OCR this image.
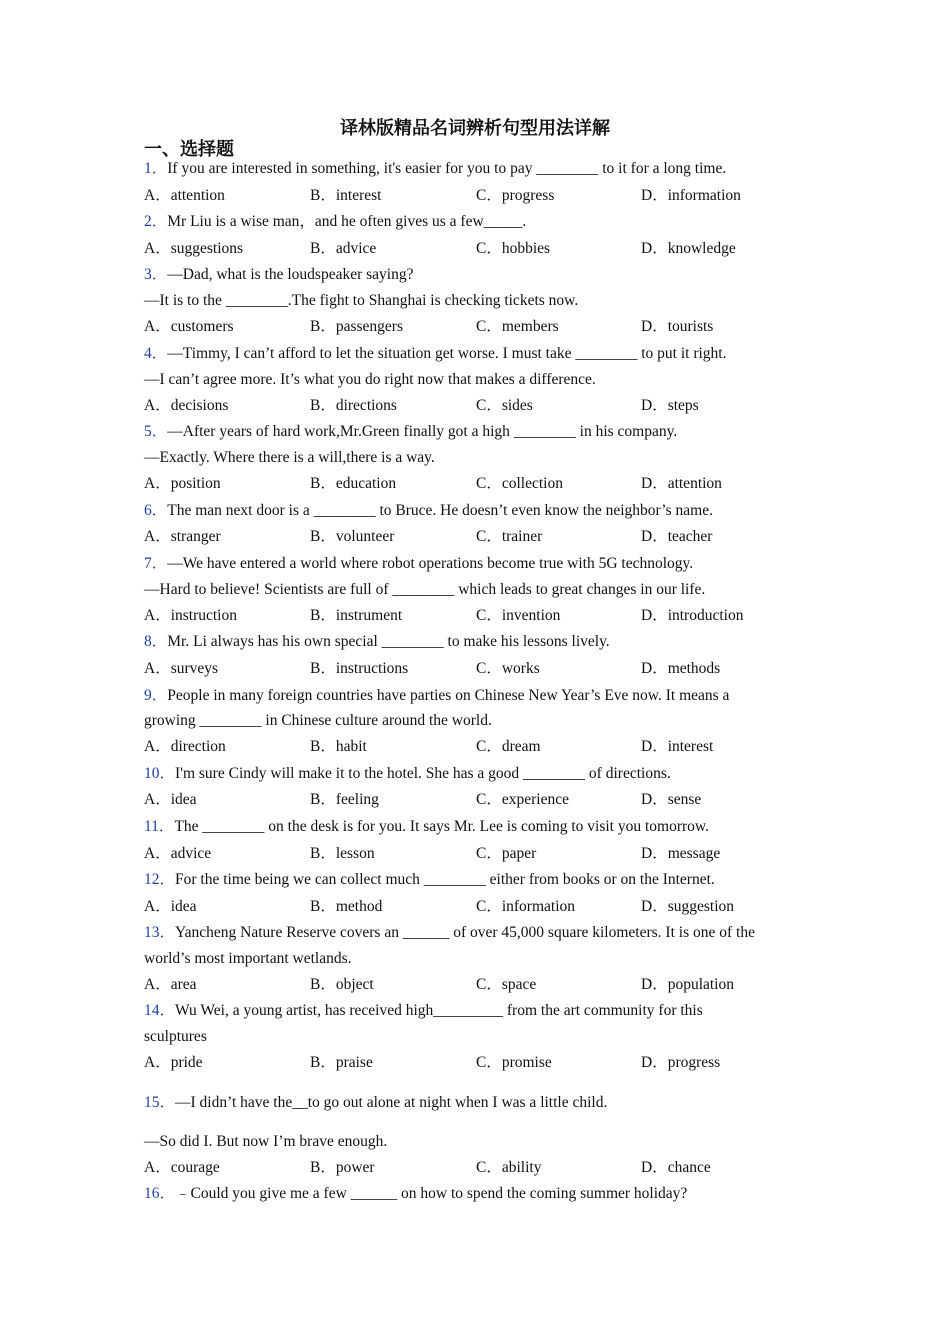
译林版精品名词辨析句型用法详解
一、选择题
1．If you are interested in something, it's easier for you to pay ________ to it for a long time.
A．attention	B．interest	C．progress	D．information
2．Mr Liu is a wise man，and he often gives us a few_____.
A．suggestions	B．advice	C．hobbies	D．knowledge
3．—Dad, what is the loudspeaker saying?
—It is to the ________.The fight to Shanghai is checking tickets now.
A．customers	B．passengers	C．members	D．tourists
4．—Timmy, I can’t afford to let the situation get worse. I must take ________ to put it right.
—I can’t agree more. It’s what you do right now that makes a difference.
A．decisions	B．directions	C．sides	D．steps
5．—After years of hard work,Mr.Green finally got a high ________ in his company.
—Exactly. Where there is a will,there is a way.
A．position	B．education	C．collection	D．attention
6．The man next door is a ________ to Bruce. He doesn’t even know the neighbor’s name.
A．stranger	B．volunteer	C．trainer	D．teacher
7．—We have entered a world where robot operations become true with 5G technology.
—Hard to believe! Scientists are full of ________ which leads to great changes in our life.
A．instruction	B．instrument	C．invention	D．introduction
8．Mr. Li always has his own special ________ to make his lessons lively.
A．surveys	B．instructions	C．works	D．methods
9．People in many foreign countries have parties on Chinese New Year’s Eve now. It means a
growing ________ in Chinese culture around the world.
A．direction	B．habit	C．dream	D．interest
10．I'm sure Cindy will make it to the hotel. She has a good ________ of directions.
A．idea	B．feeling	C．experience	D．sense
11．The ________ on the desk is for you. It says Mr. Lee is coming to visit you tomorrow.
A．advice	B．lesson	C．paper	D．message
12．For the time being we can collect much ________ either from books or on the Internet.
A．idea	B．method	C．information	D．suggestion
13．Yancheng Nature Reserve covers an ______ of over 45,000 square kilometers. It is one of the
world’s most important wetlands.
A．area	B．object	C．space	D．population
14．Wu Wei, a young artist, has received high_________ from the art community for this
sculptures
A．pride	B．praise	C．promise	D．progress
15．—I didn’t have the__to go out alone at night when I was a little child.
—So did I. But now I’m brave enough.
A．courage	B．power	C．ability	D．chance
16．﹣Could you give me a few ______ on how to spend the coming summer holiday?
